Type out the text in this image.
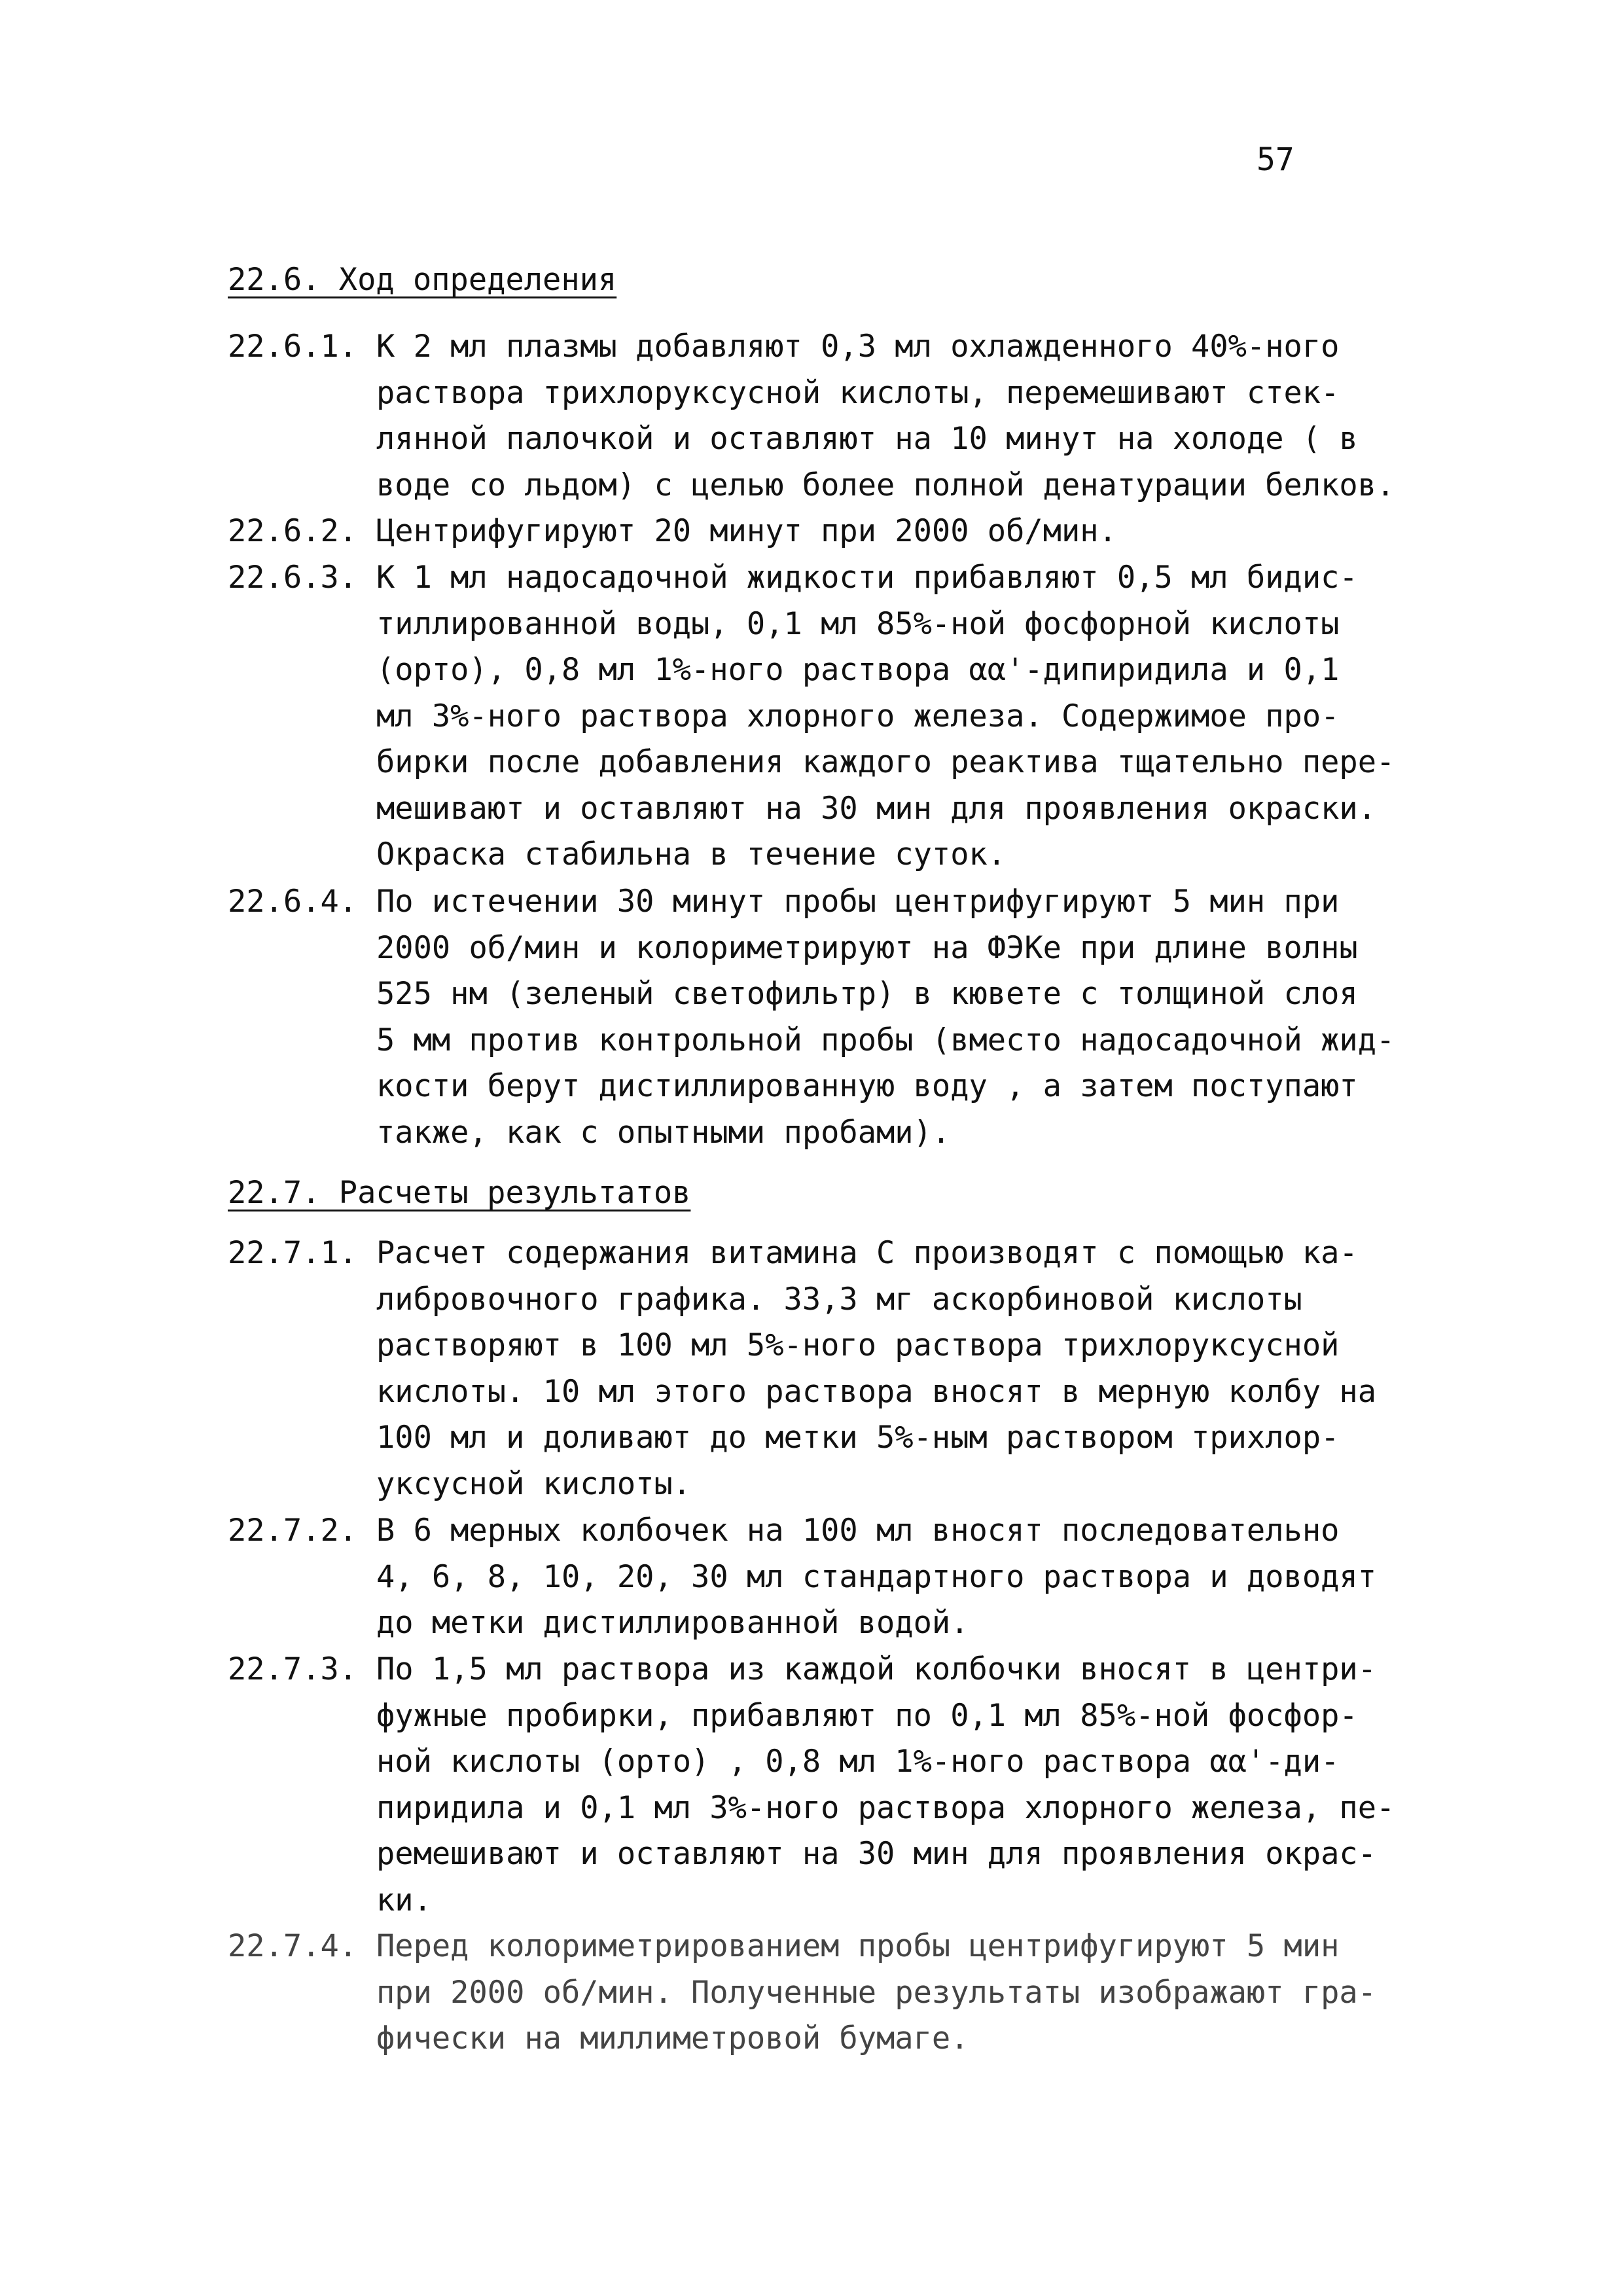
57
22.6. Ход определения
22.6.1. К 2 мл плазмы добавляют 0,3 мл охлажденного 40%-ного
раствора трихлоруксусной кислоты, перемешивают стек-
лянной палочкой и оставляют на 10 минут на холоде ( в
воде со льдом) с целью более полной денатурации белков.
22.6.2. Центрифугируют 20 минут при 2000 об/мин.
22.6.3. К 1 мл надосадочной жидкости прибавляют 0,5 мл бидис-
тиллированной воды, 0,1 мл 85%-ной фосфорной кислоты
(орто), 0,8 мл 1%-ного раствора αα'-дипиридила и 0,1
мл 3%-ного раствора хлорного железа. Содержимое про-
бирки после добавления каждого реактива тщательно пере-
мешивают и оставляют на 30 мин для проявления окраски.
Окраска стабильна в течение суток.
22.6.4. По истечении 30 минут пробы центрифугируют 5 мин при
2000 об/мин и колориметрируют на ФЭКе при длине волны
525 нм (зеленый светофильтр) в кювете с толщиной слоя
5 мм против контрольной пробы (вместо надосадочной жид-
кости берут дистиллированную воду , а затем поступают
также, как с опытными пробами).
22.7. Расчеты результатов
22.7.1. Расчет содержания витамина С производят с помощью ка-
либровочного графика. 33,3 мг аскорбиновой кислоты
растворяют в 100 мл 5%-ного раствора трихлоруксусной
кислоты. 10 мл этого раствора вносят в мерную колбу на
100 мл и доливают до метки 5%-ным раствором трихлор-
уксусной кислоты.
22.7.2. В 6 мерных колбочек на 100 мл вносят последовательно
4, 6, 8, 10, 20, 30 мл стандартного раствора и доводят
до метки дистиллированной водой.
22.7.3. По 1,5 мл раствора из каждой колбочки вносят в центри-
фужные пробирки, прибавляют по 0,1 мл 85%-ной фосфор-
ной кислоты (орто) , 0,8 мл 1%-ного раствора αα'-ди-
пиридила и 0,1 мл 3%-ного раствора хлорного железа, пе-
ремешивают и оставляют на 30 мин для проявления окрас-
ки.
22.7.4. Перед колориметрированием пробы центрифугируют 5 мин
при 2000 об/мин. Полученные результаты изображают гра-
фически на миллиметровой бумаге.
